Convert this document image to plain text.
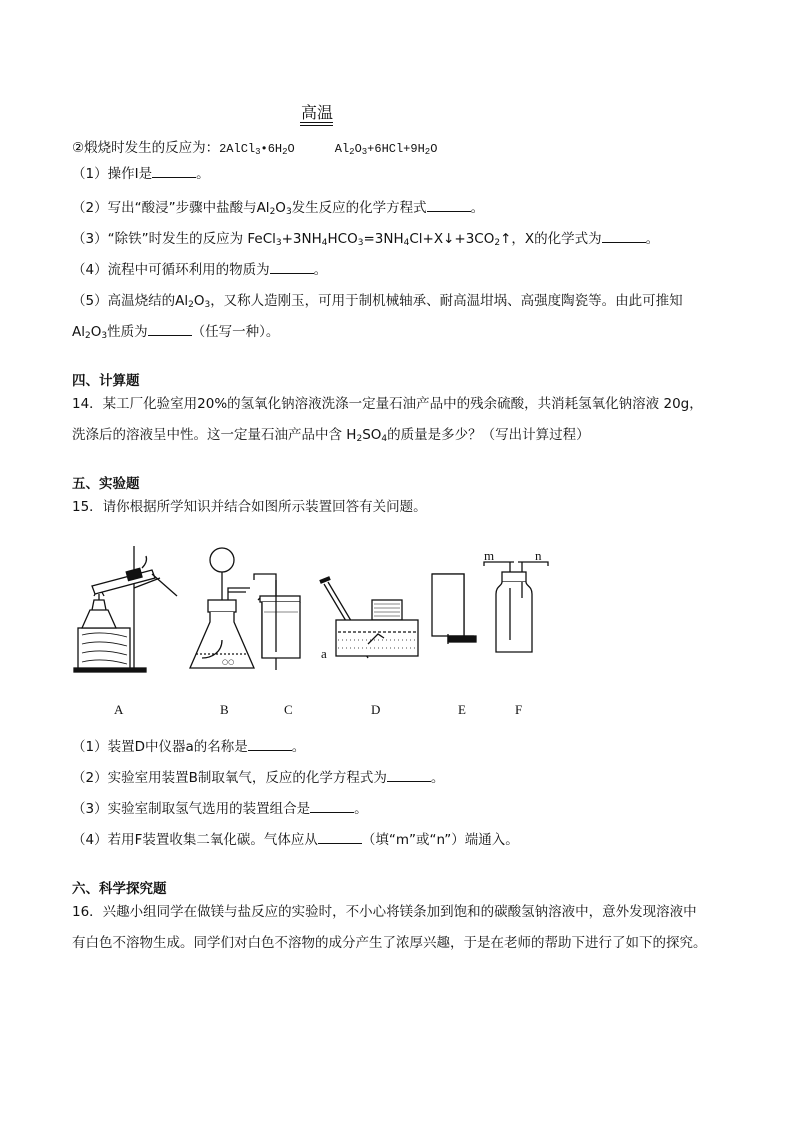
高温
②煅烧时发生的反应为：$2AlCl_3•6H_2O$	$Al_2O_3+6HCl+9H_2O$
（1）操作Ⅰ是	。
（2）写出“酸浸”步骤中盐酸与$Al_2O_3$发生反应的化学方程式	。
（3）“除铁”时发生的反应为 $FeCl_3+3NH_4HCO_3=3NH_4Cl+X↓+3CO_2↑$，X的化学式为	。
（4）流程中可循环利用的物质为	。
（5）高温烧结的$Al_2O_3$，又称人造刚玉，可用于制机械轴承、耐高温坩埚、高强度陶瓷等。由此可推知
$Al_2O_3$性质为	（任写一种）。
四、计算题
14．某工厂化验室用20%的氢氧化钠溶液洗涤一定量石油产品中的残余硫酸，共消耗氢氧化钠溶液 20g，
洗涤后的溶液呈中性。这一定量石油产品中含 $H_2SO_4$的质量是多少？（写出计算过程）
五、实验题
15．请你根据所学知识并结合如图所示装置回答有关问题。
○○
m	n
a
A	B	C	D	E	F
（1）装置D中仪器a的名称是	。
（2）实验室用装置B制取氧气，反应的化学方程式为	。
（3）实验室制取氢气选用的装置组合是	。
（4）若用F装置收集二氧化碳。气体应从	（填“m”或“n”）端通入。
六、科学探究题
16．兴趣小组同学在做镁与盐反应的实验时，不小心将镁条加到饱和的碳酸氢钠溶液中，意外发现溶液中
有白色不溶物生成。同学们对白色不溶物的成分产生了浓厚兴趣，于是在老师的帮助下进行了如下的探究。
